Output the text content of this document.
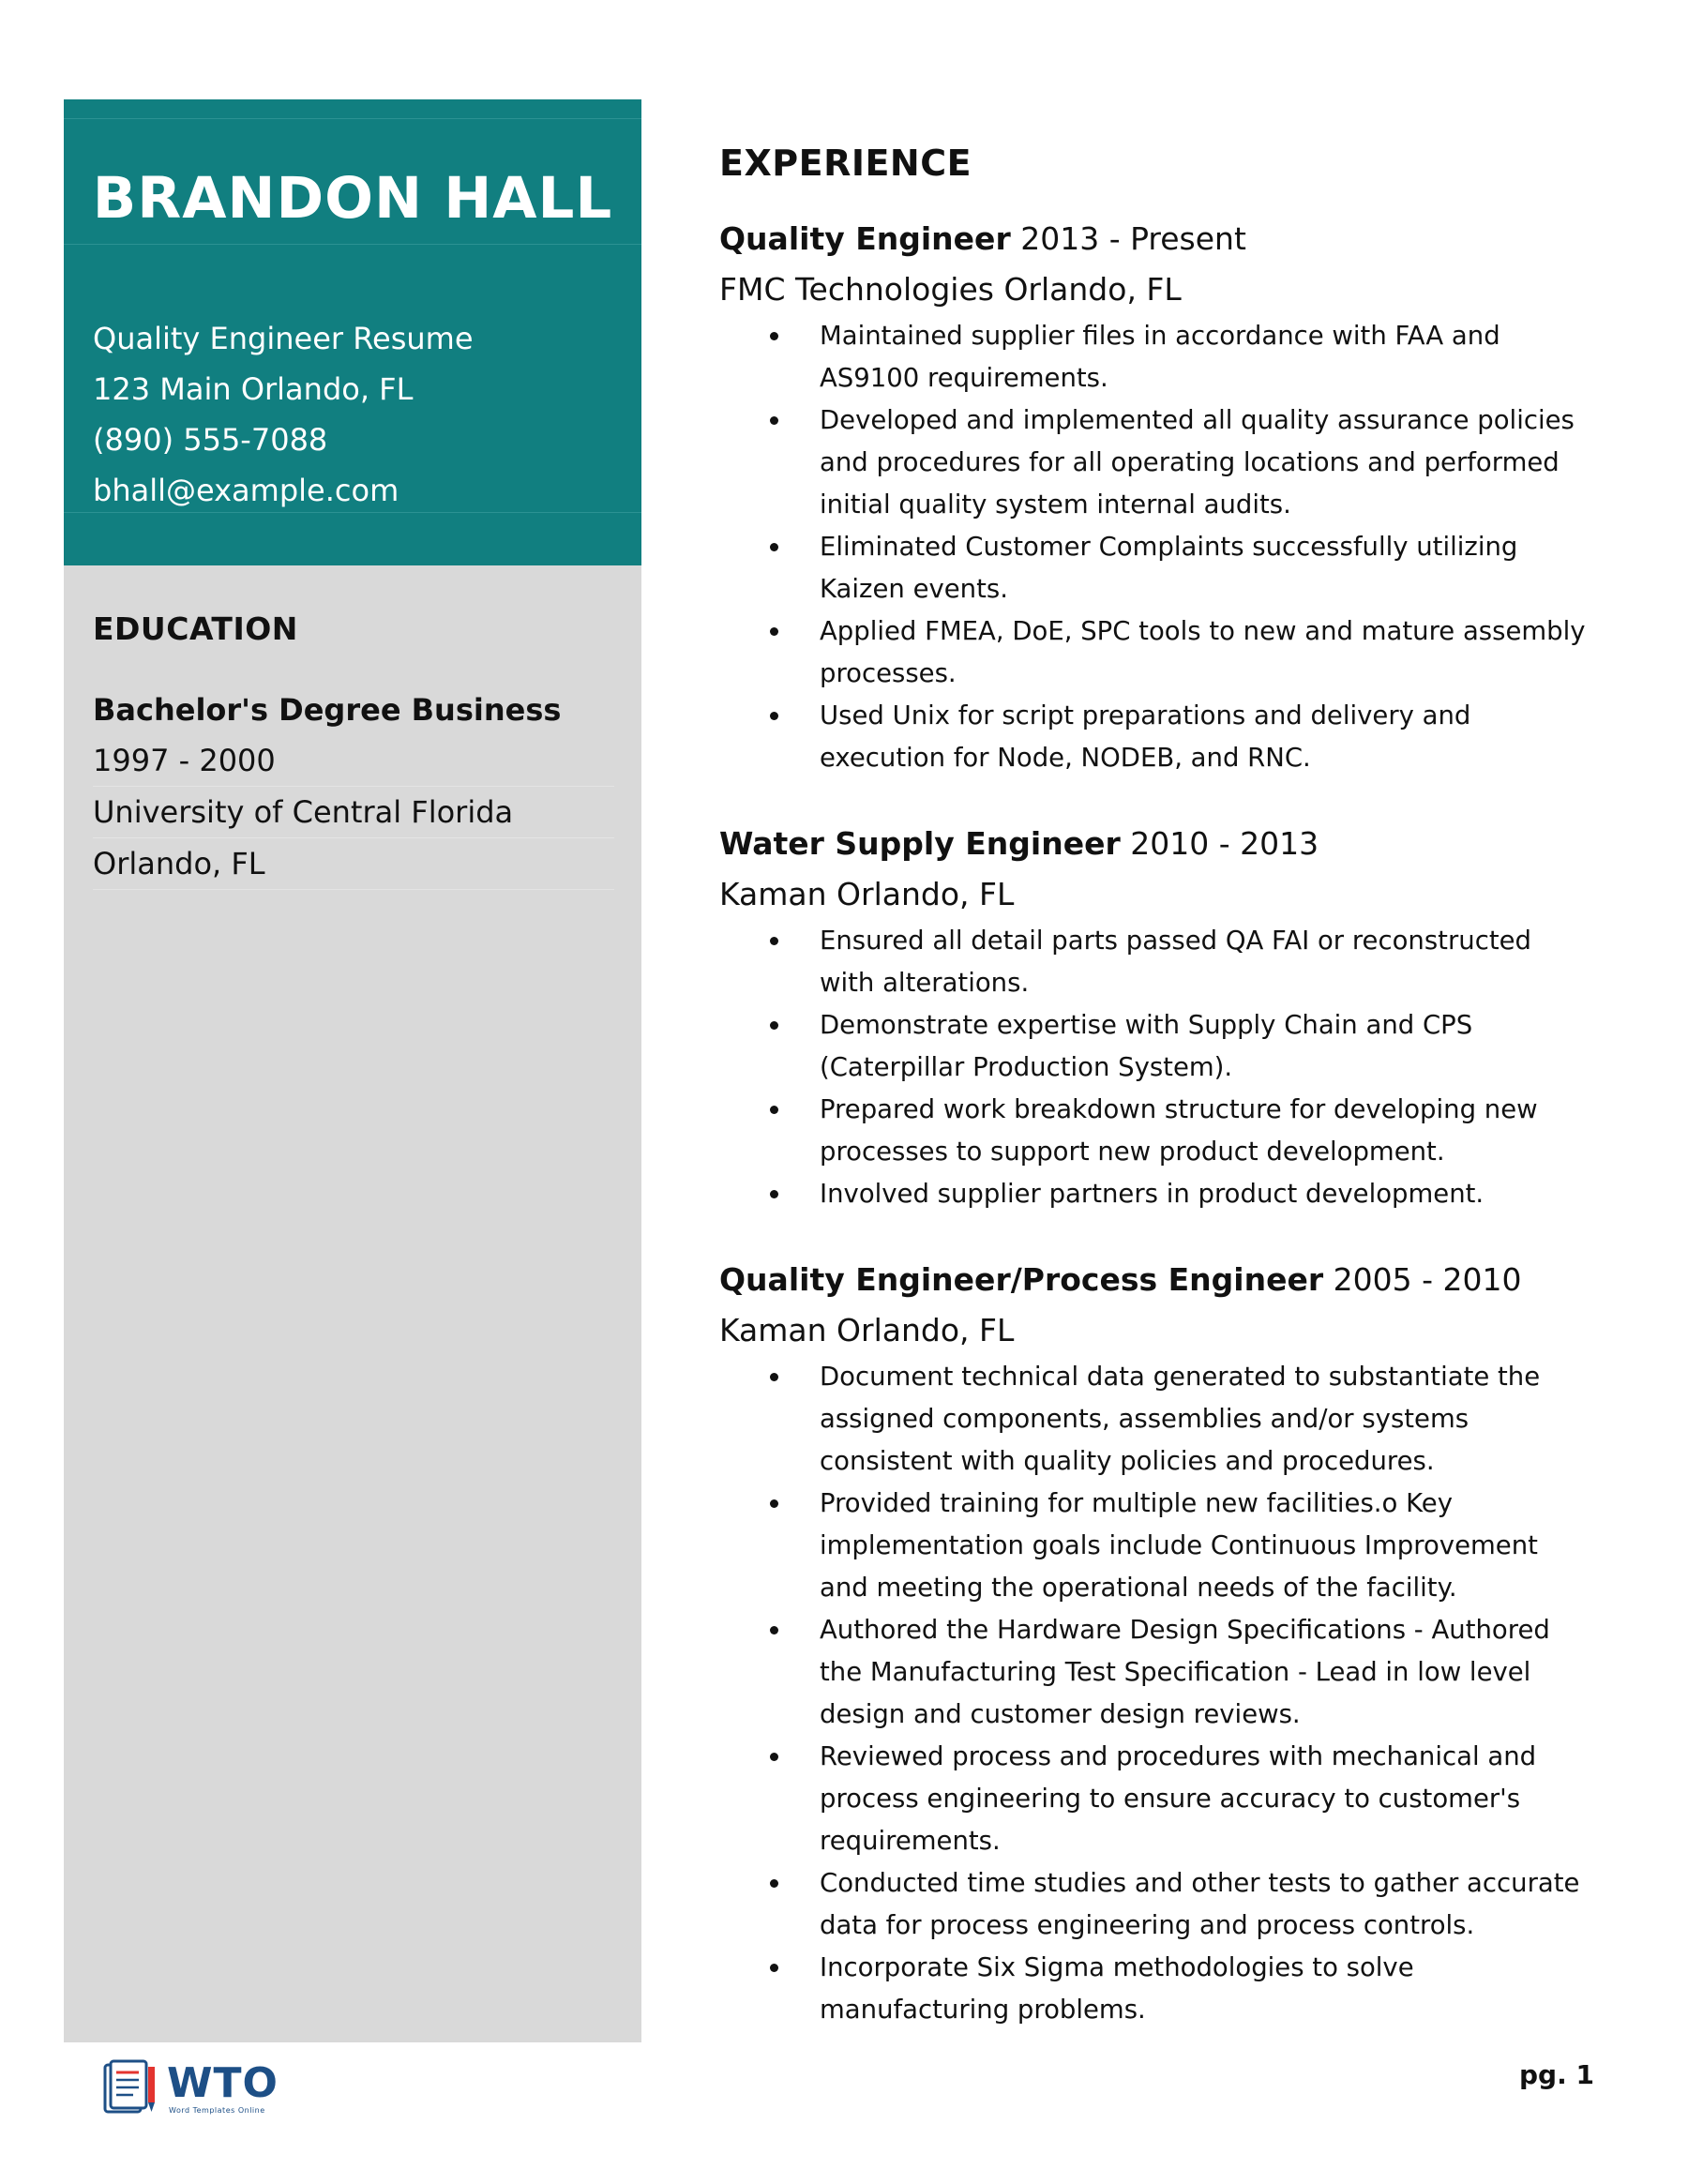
BRANDON HALL
Quality Engineer Resume
123 Main Orlando, FL
(890) 555-7088
bhall@example.com
EDUCATION
Bachelor's Degree Business
1997 - 2000
University of Central Florida
Orlando, FL
EXPERIENCE
Quality Engineer 2013 - Present
FMC Technologies Orlando, FL
Maintained supplier files in accordance with FAA and AS9100 requirements.
Developed and implemented all quality assurance policies and procedures for all operating locations and performed initial quality system internal audits.
Eliminated Customer Complaints successfully utilizing Kaizen events.
Applied FMEA, DoE, SPC tools to new and mature assembly processes.
Used Unix for script preparations and delivery and execution for Node, NODEB, and RNC.
Water Supply Engineer 2010 - 2013
Kaman Orlando, FL
Ensured all detail parts passed QA FAI or reconstructed with alterations.
Demonstrate expertise with Supply Chain and CPS (Caterpillar Production System).
Prepared work breakdown structure for developing new processes to support new product development.
Involved supplier partners in product development.
Quality Engineer/Process Engineer 2005 - 2010
Kaman Orlando, FL
Document technical data generated to substantiate the assigned components, assemblies and/or systems consistent with quality policies and procedures.
Provided training for multiple new facilities.o Key implementation goals include Continuous Improvement and meeting the operational needs of the facility.
Authored the Hardware Design Specifications - Authored the Manufacturing Test Specification - Lead in low level design and customer design reviews.
Reviewed process and procedures with mechanical and process engineering to ensure accuracy to customer's requirements.
Conducted time studies and other tests to gather accurate data for process engineering and process controls.
Incorporate Six Sigma methodologies to solve manufacturing problems.
WTO
Word Templates Online
pg. 1
